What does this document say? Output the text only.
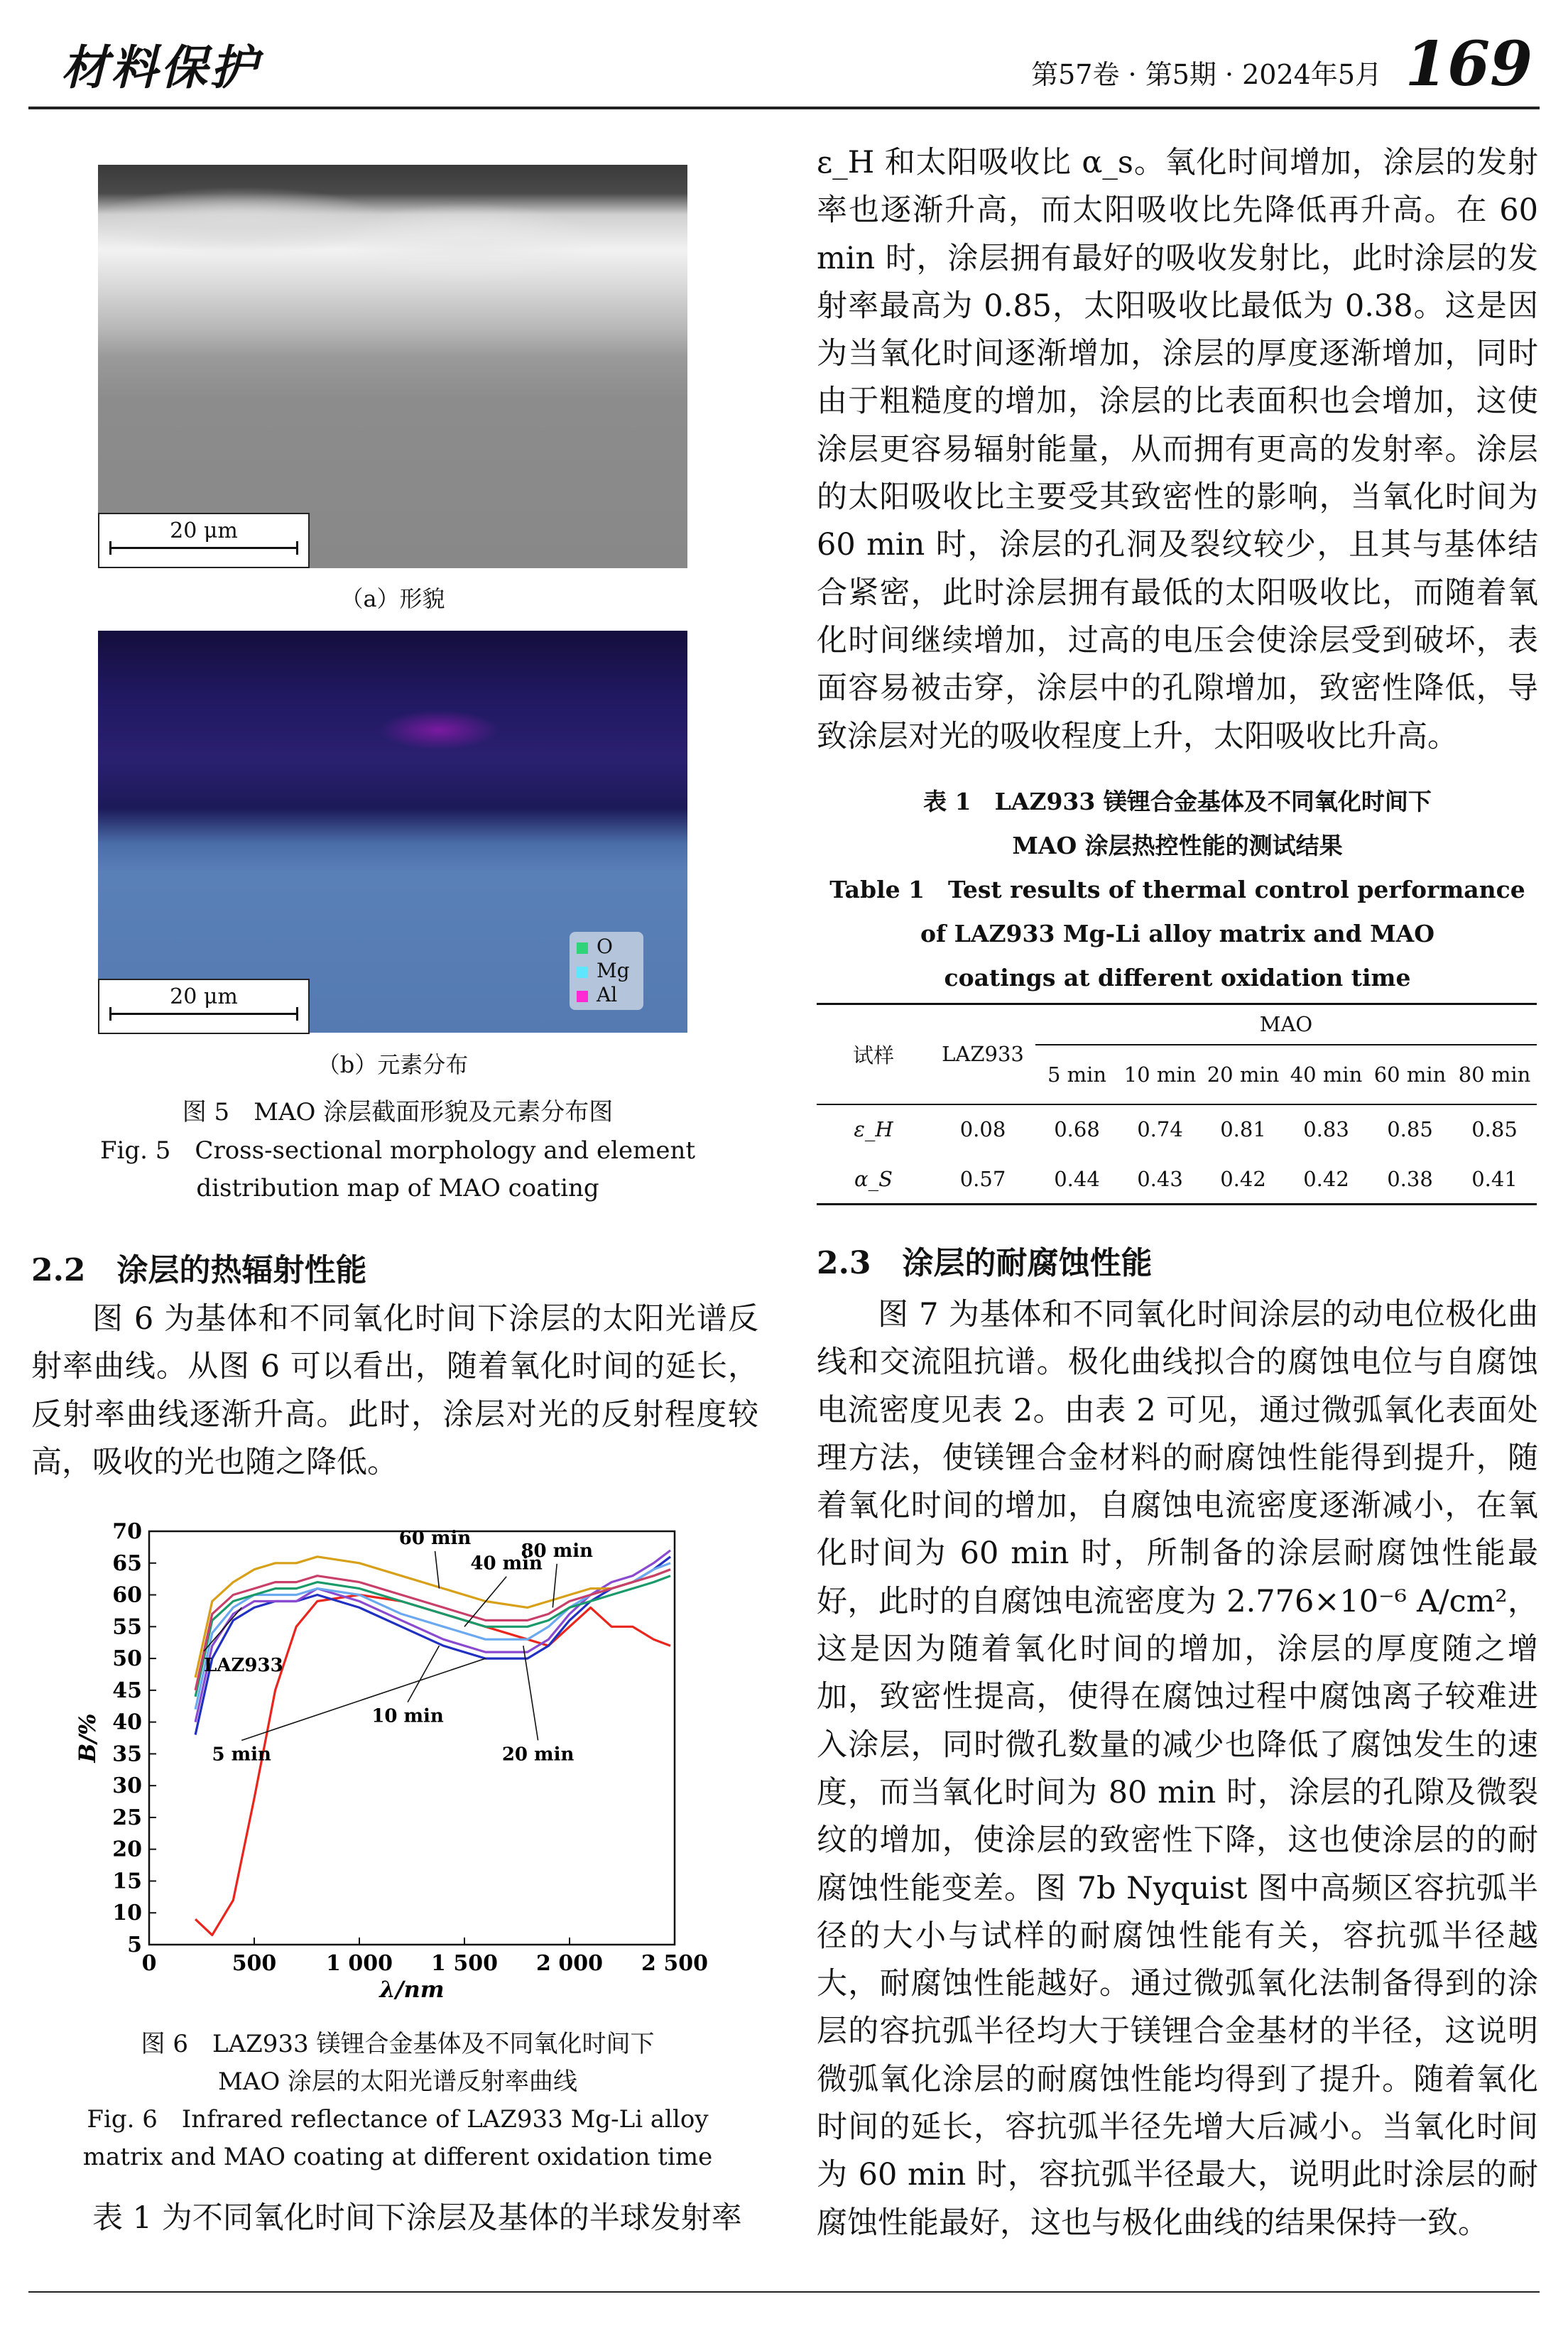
材料保护	第57卷 · 第5期 · 2024年5月 169
20 μm
（a）形貌
O
Mg
Al
20 μm
（b）元素分布
图 5　MAO 涂层截面形貌及元素分布图
Fig. 5　Cross-sectional morphology and element
distribution map of MAO coating
2.2　涂层的热辐射性能

图 6 为基体和不同氧化时间下涂层的太阳光谱反射率曲线。从图 6 可以看出，随着氧化时间的延长，反射率曲线逐渐升高。此时，涂层对光的反射程度较高，吸收的光也随之降低。

0	500 1 000 1 500 2 000 2 500
5
10
15
20
25
30
35
40
45
50
55
60
65
70
λ/nm
B/%
LAZ933
5 min
10 min
20 min
40 min
60 min
80 min
图 6　LAZ933 镁锂合金基体及不同氧化时间下
MAO 涂层的太阳光谱反射率曲线
Fig. 6　Infrared reflectance of LAZ933 Mg-Li alloy
matrix and MAO coating at different oxidation time

表 1 为不同氧化时间下涂层及基体的半球发射率

ε_H 和太阳吸收比 α_s。氧化时间增加，涂层的发射率也逐渐升高，而太阳吸收比先降低再升高。在 60 min 时，涂层拥有最好的吸收发射比，此时涂层的发射率最高为 0.85，太阳吸收比最低为 0.38。这是因为当氧化时间逐渐增加，涂层的厚度逐渐增加，同时由于粗糙度的增加，涂层的比表面积也会增加，这使涂层更容易辐射能量，从而拥有更高的发射率。涂层的太阳吸收比主要受其致密性的影响，当氧化时间为 60 min 时，涂层的孔洞及裂纹较少，且其与基体结合紧密，此时涂层拥有最低的太阳吸收比，而随着氧化时间继续增加，过高的电压会使涂层受到破坏，表面容易被击穿，涂层中的孔隙增加，致密性降低，导致涂层对光的吸收程度上升，太阳吸收比升高。

表 1　LAZ933 镁锂合金基体及不同氧化时间下
MAO 涂层热控性能的测试结果
Table 1　Test results of thermal control performance
of LAZ933 Mg-Li alloy matrix and MAO
coatings at different oxidation time
试样	LAZ933	MAO					
		5 min	10 min	20 min	40 min	60 min	80 min
ε_H	0.08	0.68	0.74	0.81	0.83	0.85	0.85
α_S	0.57	0.44	0.43	0.42	0.42	0.38	0.41
2.3　涂层的耐腐蚀性能

图 7 为基体和不同氧化时间涂层的动电位极化曲线和交流阻抗谱。极化曲线拟合的腐蚀电位与自腐蚀电流密度见表 2。由表 2 可见，通过微弧氧化表面处理方法，使镁锂合金材料的耐腐蚀性能得到提升，随着氧化时间的增加，自腐蚀电流密度逐渐减小，在氧化时间为 60 min 时，所制备的涂层耐腐蚀性能最好，此时的自腐蚀电流密度为 2.776×10⁻⁶ A/cm²，这是因为随着氧化时间的增加，涂层的厚度随之增加，致密性提高，使得在腐蚀过程中腐蚀离子较难进入涂层，同时微孔数量的减少也降低了腐蚀发生的速度，而当氧化时间为 80 min 时，涂层的孔隙及微裂纹的增加，使涂层的致密性下降，这也使涂层的的耐腐蚀性能变差。图 7b Nyquist 图中高频区容抗弧半径的大小与试样的耐腐蚀性能有关，容抗弧半径越大，耐腐蚀性能越好。通过微弧氧化法制备得到的涂层的容抗弧半径均大于镁锂合金基材的半径，这说明微弧氧化涂层的耐腐蚀性能均得到了提升。随着氧化时间的延长，容抗弧半径先增大后减小。当氧化时间为 60 min 时，容抗弧半径最大，说明此时涂层的耐腐蚀性能最好，这也与极化曲线的结果保持一致。
